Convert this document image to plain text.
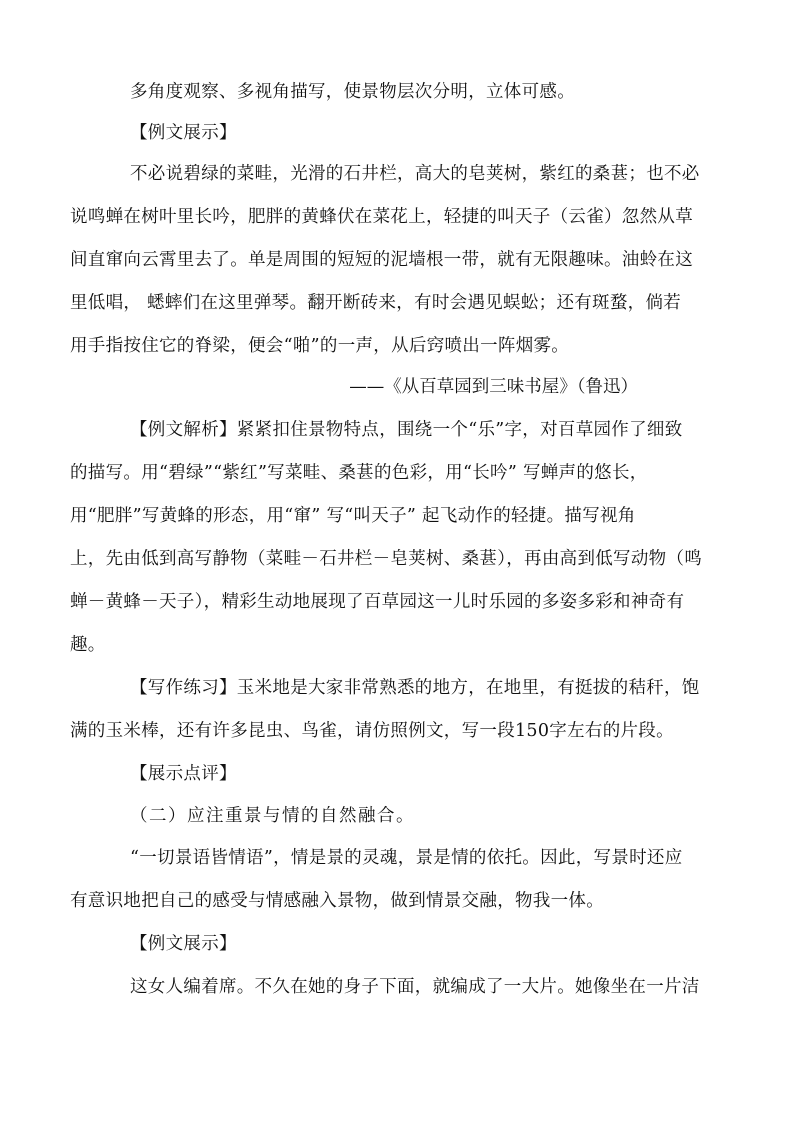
多角度观察、多视角描写，使景物层次分明，立体可感。
【例文展示】
不必说碧绿的菜畦，光滑的石井栏，高大的皂荚树，紫红的桑葚；也不必
说鸣蝉在树叶里长吟，肥胖的黄蜂伏在菜花上，轻捷的叫天子（云雀）忽然从草
间直窜向云霄里去了。单是周围的短短的泥墙根一带，就有无限趣味。油蛉在这
里低唱， 蟋蟀们在这里弹琴。翻开断砖来，有时会遇见蜈蚣；还有斑蝥，倘若
用手指按住它的脊梁，便会“啪”的一声，从后窍喷出一阵烟雾。
——《从百草园到三味书屋》（鲁迅）
【例文解析】紧紧扣住景物特点，围绕一个“乐”字，对百草园作了细致
的描写。用“碧绿”“紫红”写菜畦、桑葚的色彩，用“长吟” 写蝉声的悠长，
用“肥胖”写黄蜂的形态，用“窜” 写“叫天子” 起飞动作的轻捷。描写视角
上，先由低到高写静物（菜畦－石井栏－皂荚树、桑葚），再由高到低写动物（鸣
蝉－黄蜂－天子），精彩生动地展现了百草园这一儿时乐园的多姿多彩和神奇有
趣。
【写作练习】玉米地是大家非常熟悉的地方，在地里，有挺拔的秸秆，饱
满的玉米棒，还有许多昆虫、鸟雀，请仿照例文，写一段150字左右的片段。
【展示点评】
（二）应注重景与情的自然融合。
“一切景语皆情语”，情是景的灵魂，景是情的依托。因此，写景时还应
有意识地把自己的感受与情感融入景物，做到情景交融，物我一体。
【例文展示】
这女人编着席。不久在她的身子下面，就编成了一大片。她像坐在一片洁
